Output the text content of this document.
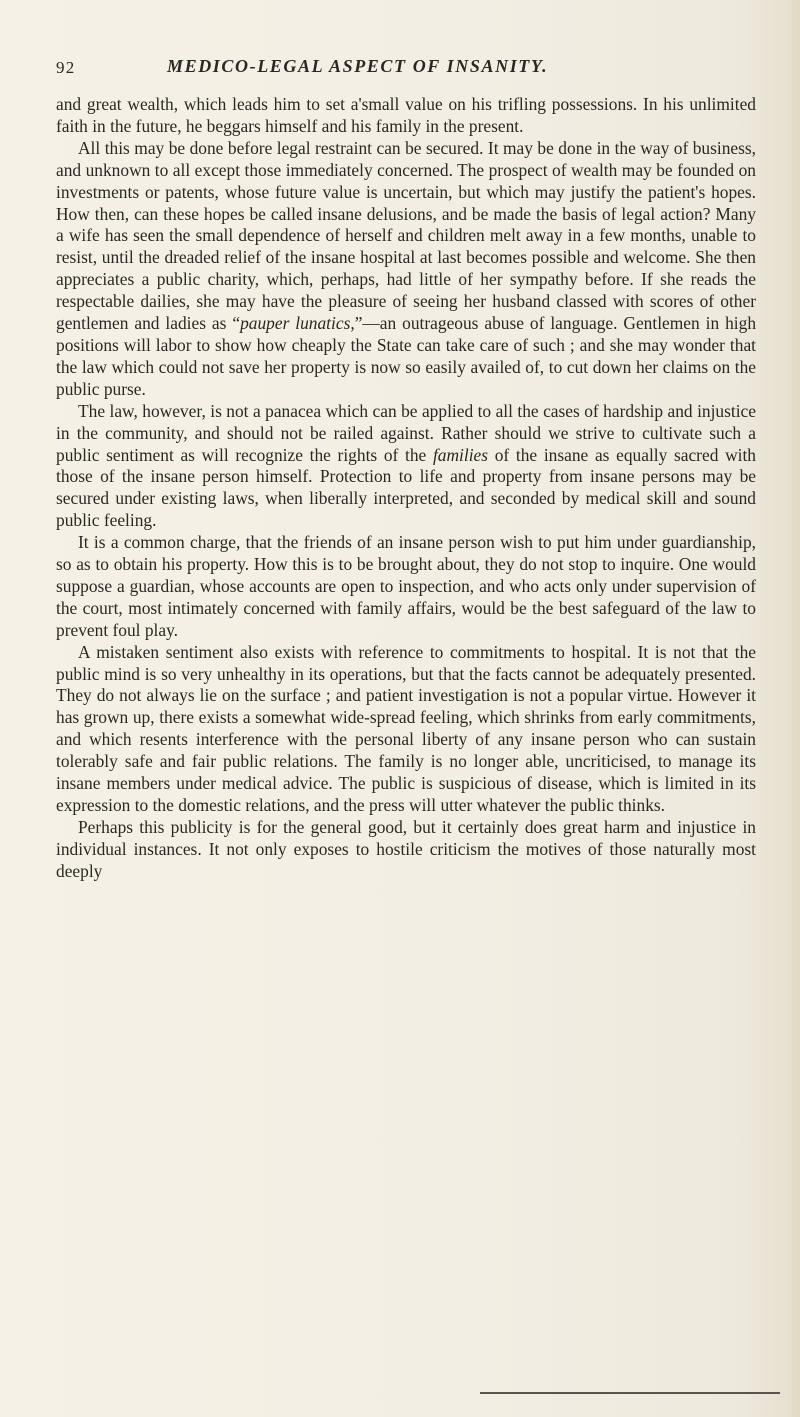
92	MEDICO-LEGAL ASPECT OF INSANITY.

and great wealth, which leads him to set a'small value on his trifling possessions. In his unlimited faith in the future, he beggars himself and his family in the present.

All this may be done before legal restraint can be secured. It may be done in the way of business, and unknown to all except those immediately concerned. The prospect of wealth may be founded on investments or patents, whose future value is uncertain, but which may justify the patient's hopes. How then, can these hopes be called insane delusions, and be made the basis of legal action? Many a wife has seen the small dependence of herself and children melt away in a few months, unable to resist, until the dreaded relief of the insane hospital at last becomes possible and welcome. She then appreciates a public charity, which, perhaps, had little of her sympathy before. If she reads the respectable dailies, she may have the pleasure of seeing her husband classed with scores of other gentlemen and ladies as “pauper lunatics,”—an outrageous abuse of language. Gentlemen in high positions will labor to show how cheaply the State can take care of such ; and she may wonder that the law which could not save her property is now so easily availed of, to cut down her claims on the public purse.

The law, however, is not a panacea which can be applied to all the cases of hardship and injustice in the community, and should not be railed against. Rather should we strive to cultivate such a public sentiment as will recognize the rights of the families of the insane as equally sacred with those of the insane person himself. Protection to life and property from insane persons may be secured under existing laws, when liberally interpreted, and seconded by medical skill and sound public feeling.

It is a common charge, that the friends of an insane person wish to put him under guardianship, so as to obtain his property. How this is to be brought about, they do not stop to inquire. One would suppose a guardian, whose accounts are open to inspection, and who acts only under supervision of the court, most intimately concerned with family affairs, would be the best safeguard of the law to prevent foul play.

A mistaken sentiment also exists with reference to commitments to hospital. It is not that the public mind is so very unhealthy in its operations, but that the facts cannot be adequately presented. They do not always lie on the surface ; and patient investigation is not a popular virtue. However it has grown up, there exists a somewhat wide-spread feeling, which shrinks from early commitments, and which resents interference with the personal liberty of any insane person who can sustain tolerably safe and fair public relations. The family is no longer able, uncriticised, to manage its insane members under medical advice. The public is suspicious of disease, which is limited in its expression to the domestic relations, and the press will utter whatever the public thinks.

Perhaps this publicity is for the general good, but it certainly does great harm and injustice in individual instances. It not only exposes to hostile criticism the motives of those naturally most deeply
